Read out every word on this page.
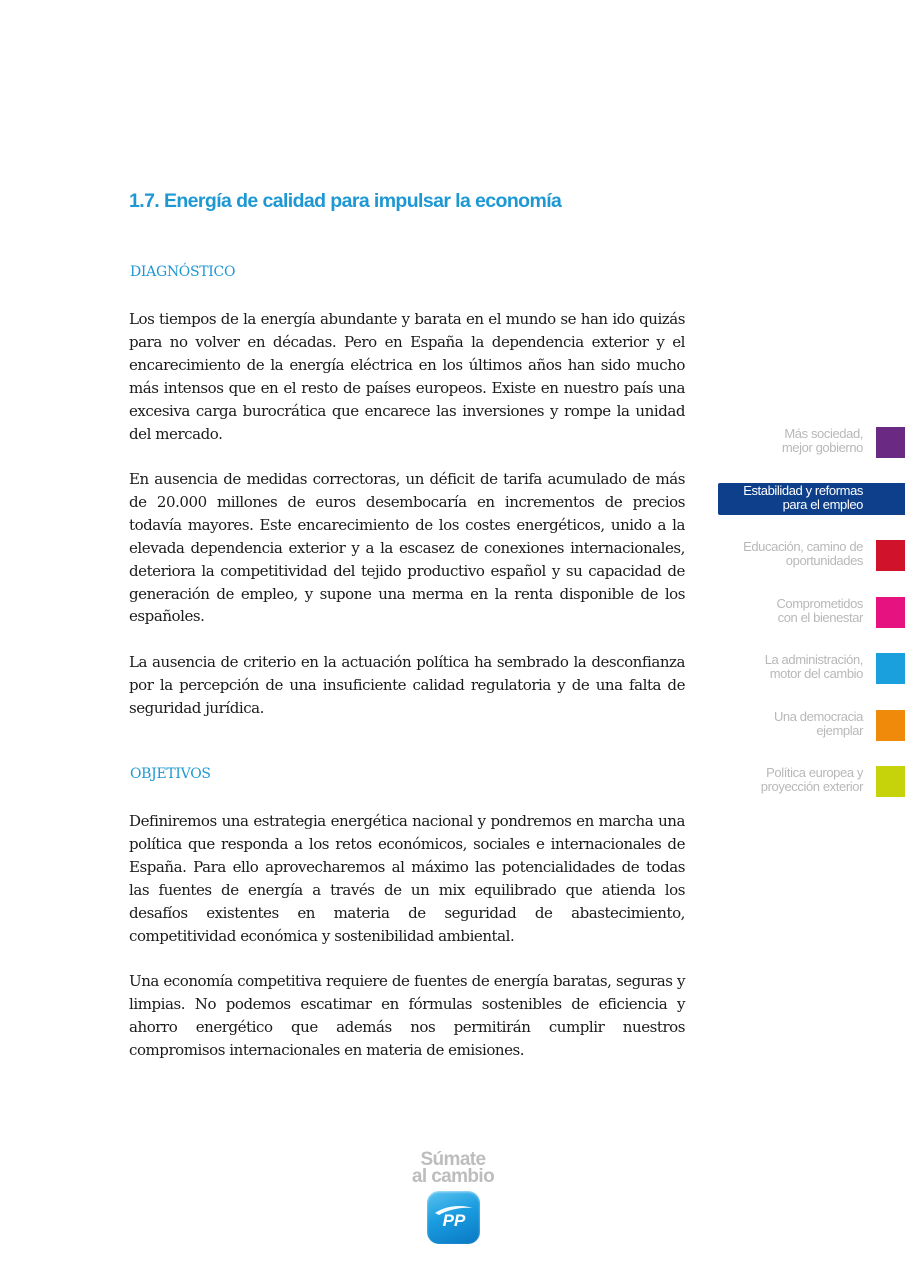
1.7. Energía de calidad para impulsar la economía
DIAGNÓSTICO

Los tiempos de la energía abundante y barata en el mundo se han ido quizás para no volver en décadas. Pero en España la dependencia exterior y el encarecimiento de la energía eléctrica en los últimos años han sido mucho más intensos que en el resto de países europeos. Existe en nuestro país una excesiva carga burocrática que encarece las inversiones y rompe la unidad del mercado.

En ausencia de medidas correctoras, un déficit de tarifa acumulado de más de 20.000 millones de euros desembocaría en incrementos de precios todavía mayores. Este encarecimiento de los costes energéticos, unido a la elevada dependencia exterior y a la escasez de conexiones internacionales, deteriora la competitividad del tejido productivo español y su capacidad de generación de empleo, y supone una merma en la renta disponible de los españoles.

La ausencia de criterio en la actuación política ha sembrado la desconfianza por la percepción de una insuficiente calidad regulatoria y de una falta de seguridad jurídica.

OBJETIVOS

Definiremos una estrategia energética nacional y pondremos en marcha una política que responda a los retos económicos, sociales e internacionales de España. Para ello aprovecharemos al máximo las potencialidades de todas las fuentes de energía a través de un mix equilibrado que atienda los desafíos existentes en materia de seguridad de abastecimiento, competitividad económica y sostenibilidad ambiental.

Una economía competitiva requiere de fuentes de energía baratas, seguras y limpias. No podemos escatimar en fórmulas sostenibles de eficiencia y ahorro energético que además nos permitirán cumplir nuestros compromisos internacionales en materia de emisiones.

Más sociedad,
mejor gobierno
Estabilidad y reformas
para el empleo
Educación, camino de
oportunidades
Comprometidos
con el bienestar
La administración,
motor del cambio
Una democracia
ejemplar
Política europea y
proyección exterior
Súmate
al cambio
PP
